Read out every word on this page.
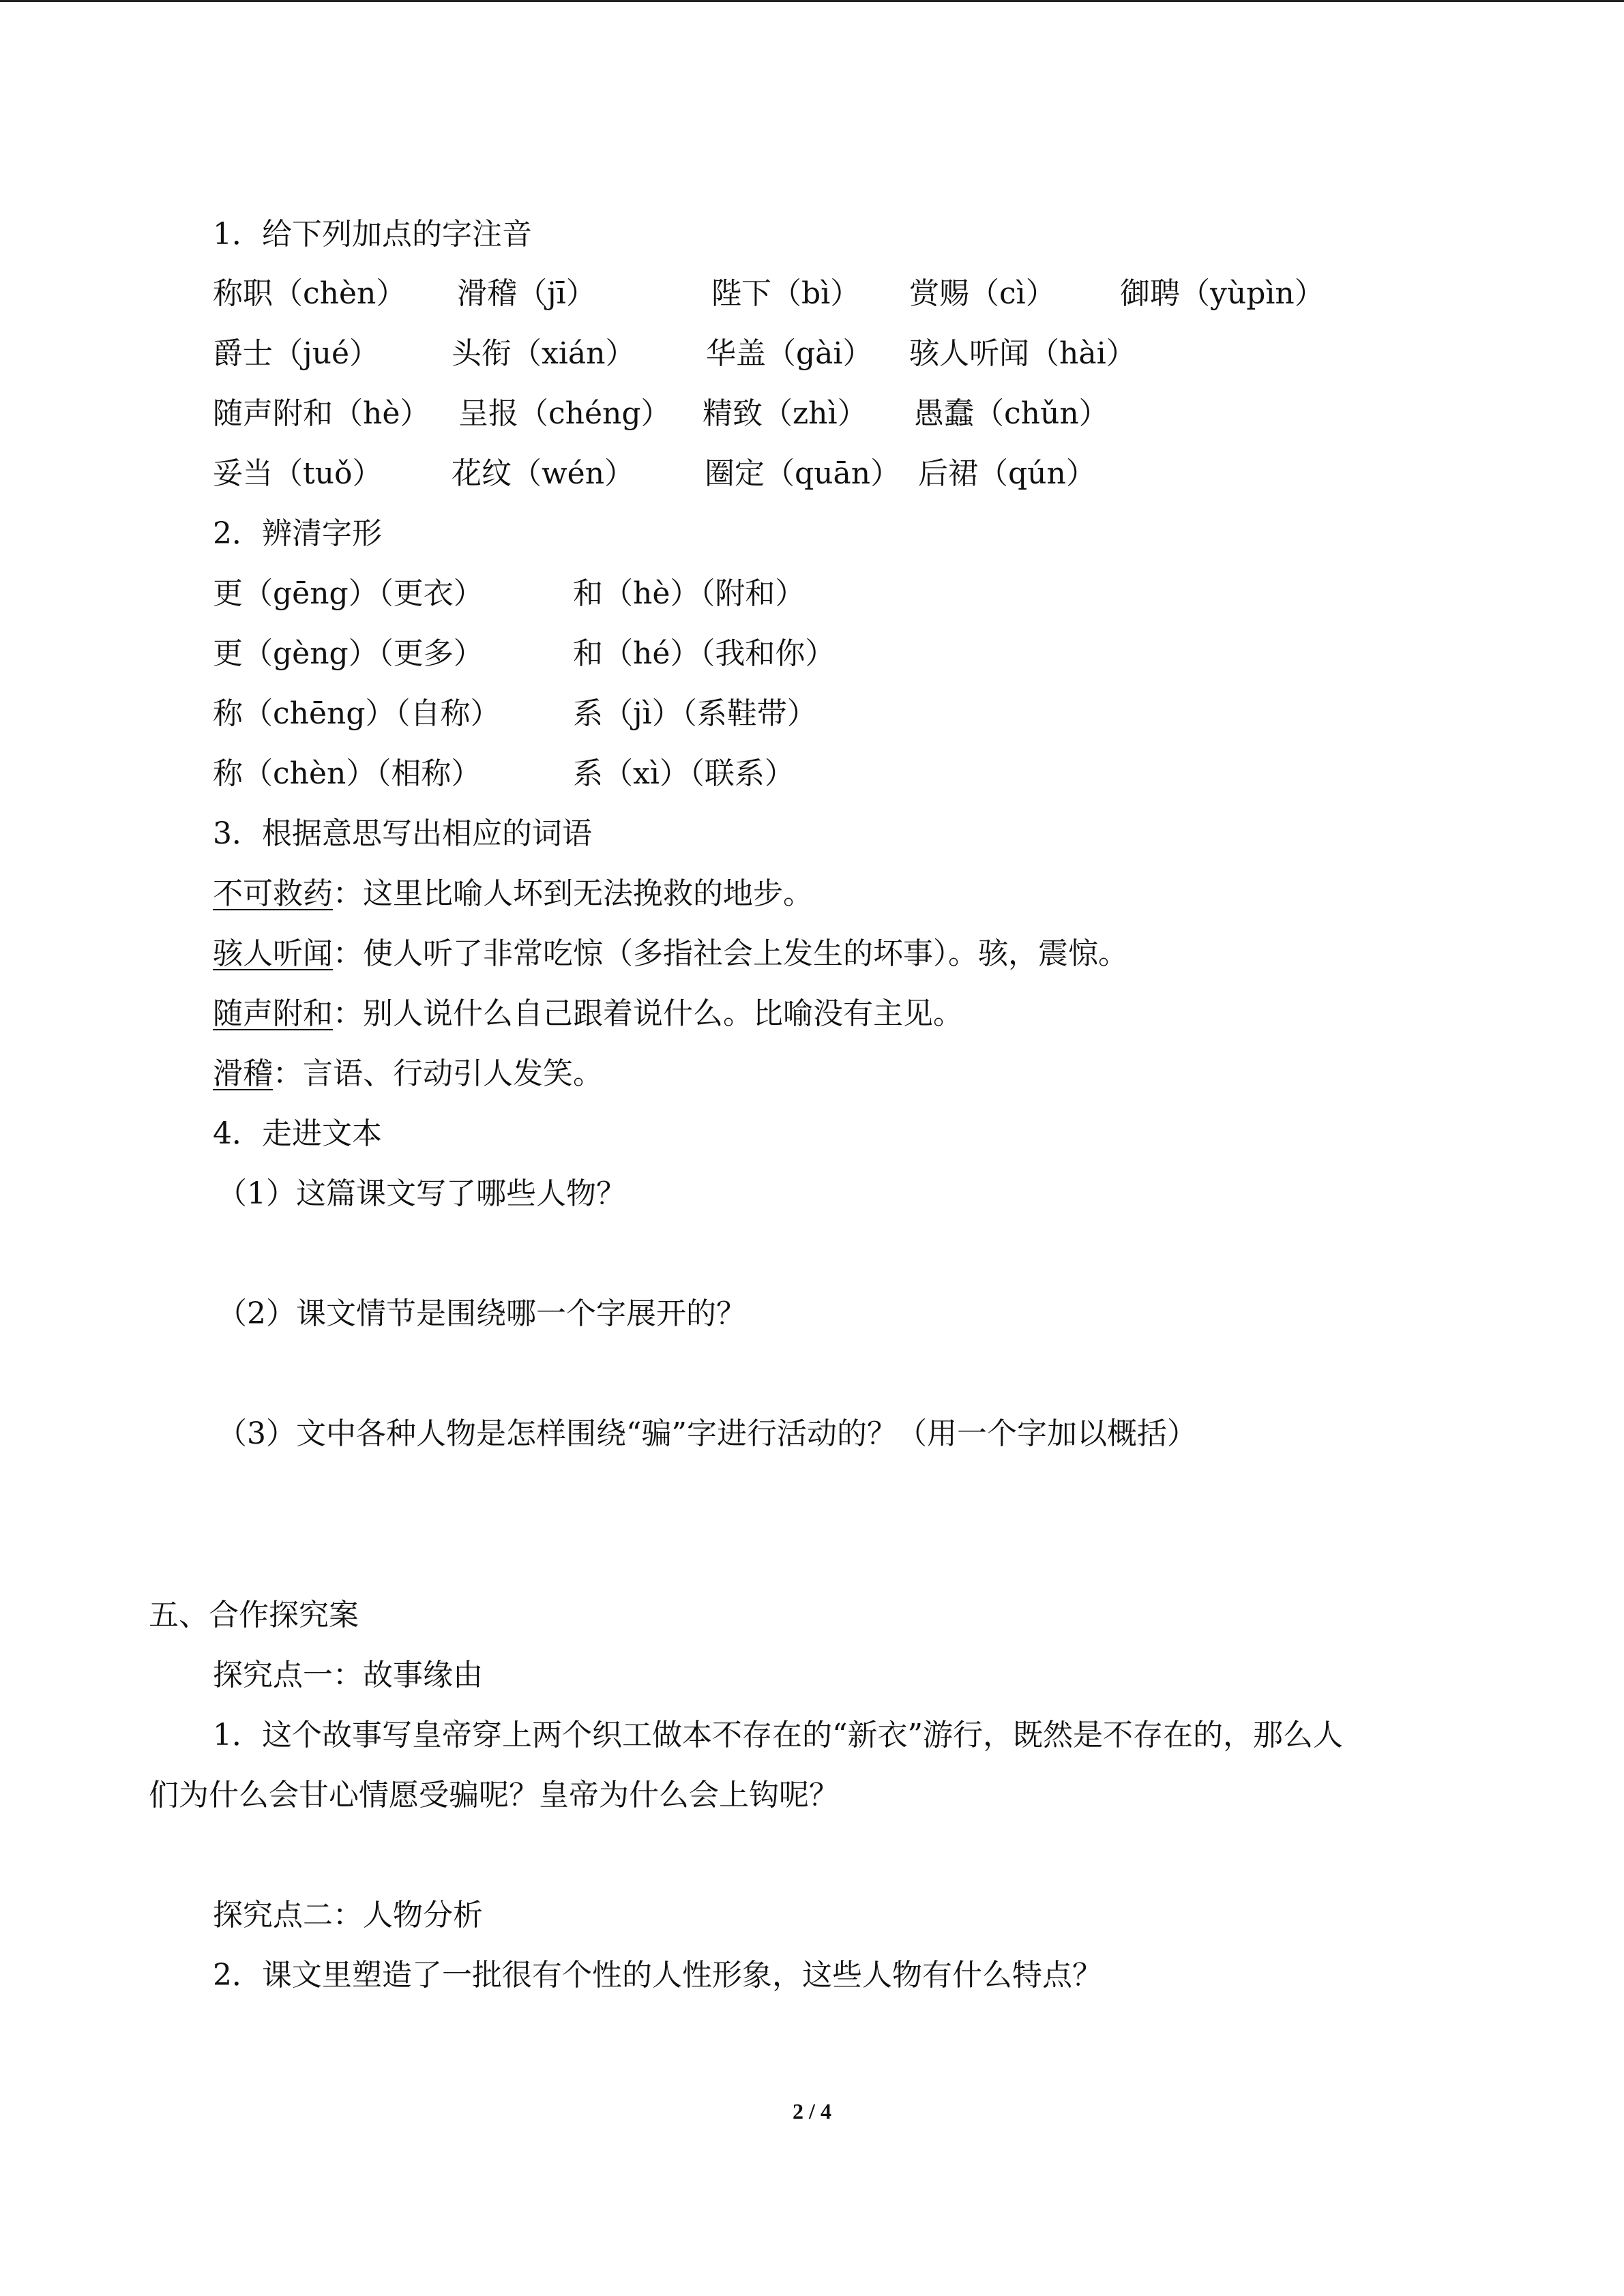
1．给下列加点的字注音
称职（chèn） 滑稽（jī）	陛下（bì） 赏赐（cì） 御聘（yùpìn）
爵士（jué） 头衔（xián） 华盖（gài） 骇人听闻（hài）
随声附和（hè） 呈报（chéng） 精致（zhì） 愚蠢（chǔn）
妥当（tuǒ） 花纹（wén） 圈定（quān） 后裙（qún）
2．辨清字形
更（gēng）（更衣）	和（hè）（附和）
更（gèng）（更多）	和（hé）（我和你）
称（chēng）（自称） 系（jì）（系鞋带）
称（chèn）（相称）	系（xì）（联系）
3．根据意思写出相应的词语
不可救药：这里比喻人坏到无法挽救的地步。
骇人听闻：使人听了非常吃惊（多指社会上发生的坏事）。骇，震惊。
随声附和：别人说什么自己跟着说什么。比喻没有主见。
滑稽：言语、行动引人发笑。
4．走进文本
（1）这篇课文写了哪些人物？
（2）课文情节是围绕哪一个字展开的？
（3）文中各种人物是怎样围绕“骗”字进行活动的？（用一个字加以概括）
五、合作探究案
探究点一：故事缘由
1．这个故事写皇帝穿上两个织工做本不存在的“新衣”游行，既然是不存在的，那么人
们为什么会甘心情愿受骗呢？皇帝为什么会上钩呢？
探究点二：人物分析
2．课文里塑造了一批很有个性的人性形象，这些人物有什么特点？
2 / 4
